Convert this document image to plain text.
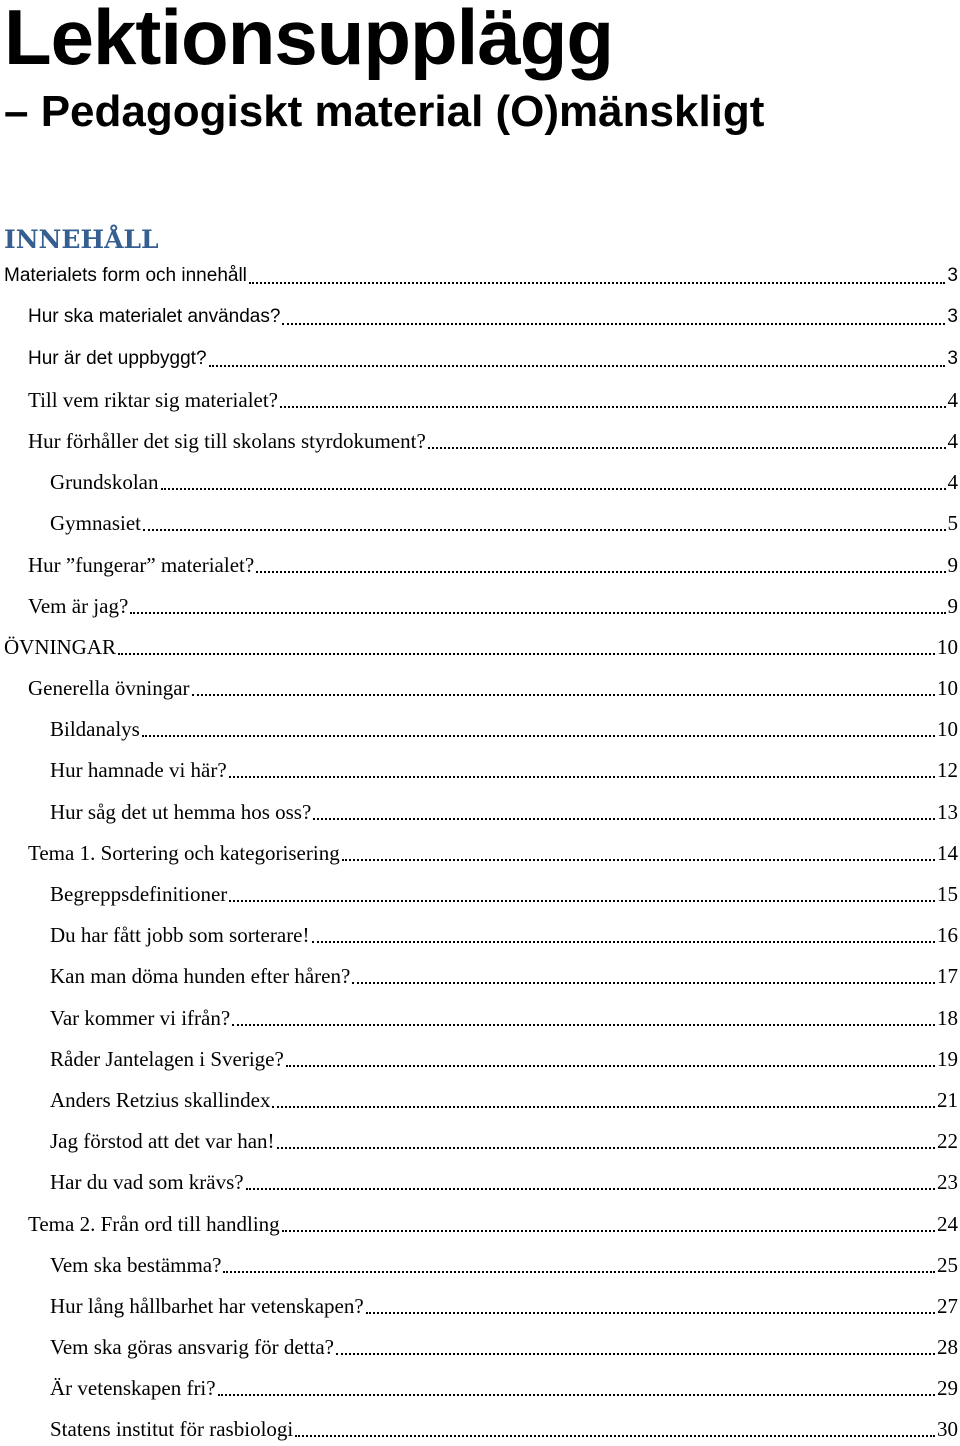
Lektionsupplägg
– Pedagogiskt material (O)mänskligt
INNEHÅLL
Materialets form och innehåll	3
Hur ska materialet användas?	3
Hur är det uppbyggt?	3
Till vem riktar sig materialet?	4
Hur förhåller det sig till skolans styrdokument?	4
Grundskolan	4
Gymnasiet	5
Hur ”fungerar” materialet?	9
Vem är jag?	9
ÖVNINGAR	10
Generella övningar	10
Bildanalys	10
Hur hamnade vi här?	12
Hur såg det ut hemma hos oss?	13
Tema 1. Sortering och kategorisering	14
Begreppsdefinitioner	15
Du har fått jobb som sorterare!	16
Kan man döma hunden efter håren?	17
Var kommer vi ifrån?	18
Råder Jantelagen i Sverige?	19
Anders Retzius skallindex	21
Jag förstod att det var han!	22
Har du vad som krävs?	23
Tema 2. Från ord till handling	24
Vem ska bestämma?	25
Hur lång hållbarhet har vetenskapen?	27
Vem ska göras ansvarig för detta?	28
Är vetenskapen fri?	29
Statens institut för rasbiologi	30
